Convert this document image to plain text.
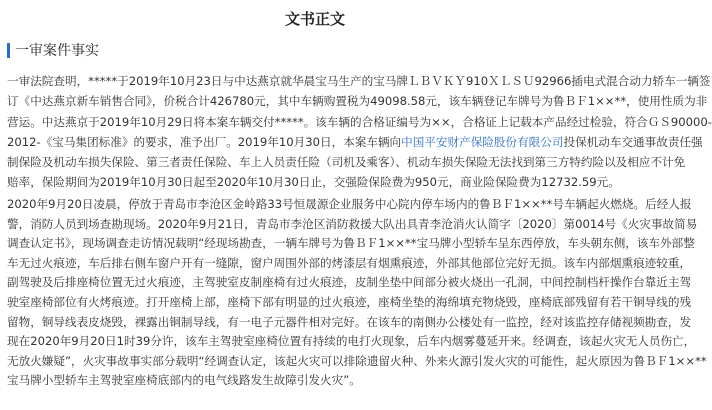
文书正文
一审案件事实
一审法院查明，*****于2019年10月23日与中达燕京就华晨宝马生产的宝马牌ＬＢＶＫＹ910ＸＬＳＵ92966插电式混合动力轿车一辆签
订《中达燕京新车销售合同》，价税合计426780元，其中车辆购置税为49098.58元，该车辆登记车牌号为鲁ＢＦ1××**，使用性质为非
营运。中达燕京于2019年10月29日将本案车辆交付*****。该车辆的合格证编号为××，合格证上记载本产品经过检验，符合ＧＳ90000-
2012-《宝马集团标准》的要求，准予出厂。2019年10月30日，本案车辆向中国平安财产保险股份有限公司投保机动车交通事故责任强
制保险及机动车损失保险、第三者责任保险、车上人员责任险（司机及乘客）、机动车损失保险无法找到第三方特约险以及相应不计免
赔率，保险期间为2019年10月30日起至2020年10月30日止，交强险保险费为950元，商业险保险费为12732.59元。
2020年9月20日凌晨，停放于青岛市李沧区金岭路33号恒晟源企业服务中心院内停车场内的鲁ＢＦ1××**号车辆起火燃烧。后经人报
警，消防人员到场查勘现场。2020年9月21日，青岛市李沧区消防救援大队出具青李沧消火认简字〔2020〕第0014号《火灾事故简易
调查认定书》，现场调查走访情况载明“经现场勘查，一辆车牌号为鲁ＢＦ1××**宝马牌小型轿车呈东西停放，车头朝东侧，该车外部整
车无过火痕迹，车后排右侧车窗户开有一缝隙，窗户周围外部的烤漆层有烟熏痕迹，外部其他部位完好无损。该车内部烟熏痕迹较重，
副驾驶及后排座椅位置无过火痕迹，主驾驶室皮制座椅有过火痕迹，皮制坐垫中间部分被火烧出一孔洞，中间控制档杆操作台靠近主驾
驶室座椅部位有火烤痕迹。打开座椅上部，座椅下部有明显的过火痕迹，座椅坐垫的海绵填充物烧毁，座椅底部残留有若干铜导线的残
留物，铜导线表皮烧毁，裸露出铜制导线，有一电子元器件相对完好。在该车的南侧办公楼处有一监控，经对该监控存储视频勘查，发
现在2020年9月20日1时39分许，该车主驾驶室座椅位置有持续的电打火现象，后车内烟雾蔓延开来。经调查，该起火灾无人员伤亡，
无放火嫌疑”，火灾事故事实部分载明“经调查认定，该起火灾可以排除遗留火种、外来火源引发火灾的可能性，起火原因为鲁ＢＦ1××**
宝马牌小型轿车主驾驶室座椅底部内的电气线路发生故障引发火灾”。
